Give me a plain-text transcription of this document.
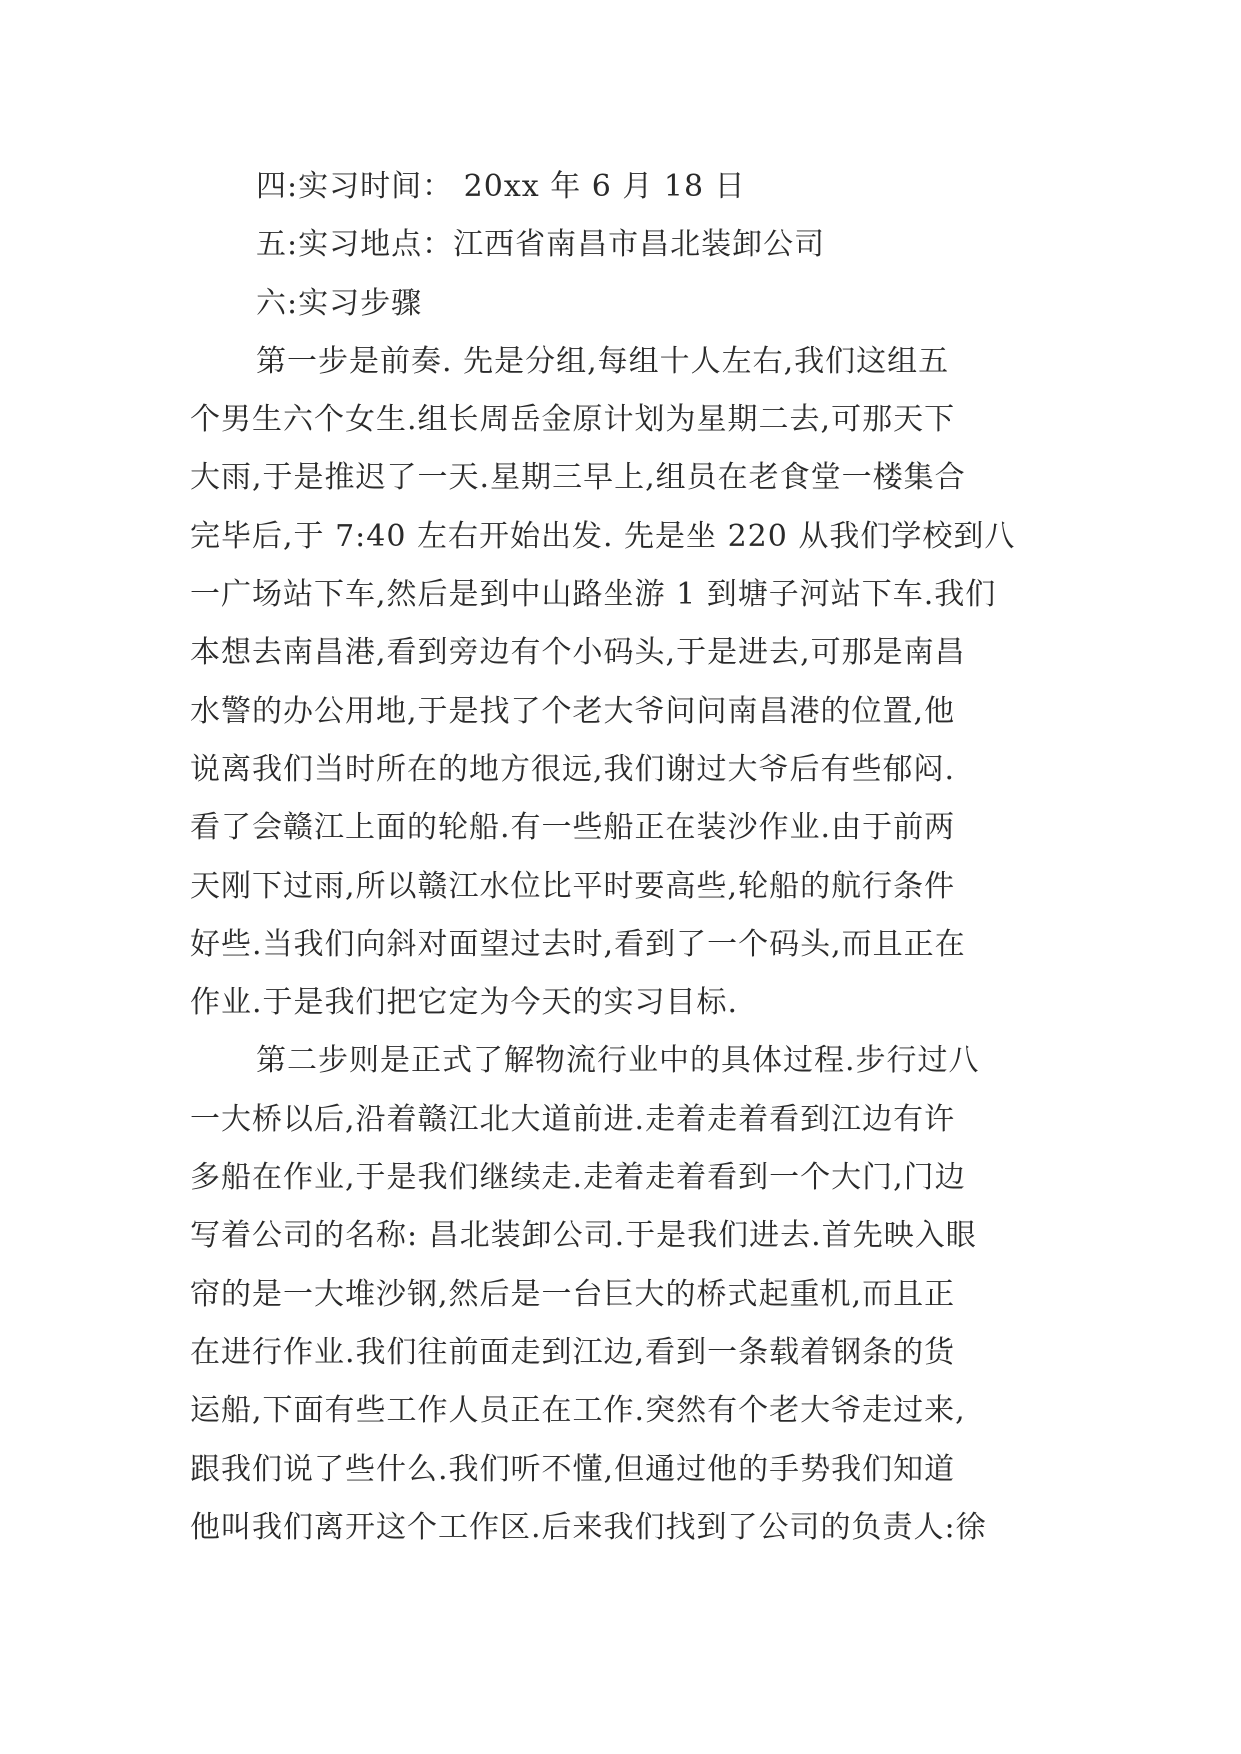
四:实习时间： 20xx 年 6 月 18 日
五:实习地点：江西省南昌市昌北装卸公司
六:实习步骤
第一步是前奏. 先是分组,每组十人左右,我们这组五
个男生六个女生.组长周岳金原计划为星期二去,可那天下
大雨,于是推迟了一天.星期三早上,组员在老食堂一楼集合
完毕后,于 7:40 左右开始出发. 先是坐 220 从我们学校到八
一广场站下车,然后是到中山路坐游 1 到塘子河站下车.我们
本想去南昌港,看到旁边有个小码头,于是进去,可那是南昌
水警的办公用地,于是找了个老大爷问问南昌港的位置,他
说离我们当时所在的地方很远,我们谢过大爷后有些郁闷.
看了会赣江上面的轮船.有一些船正在装沙作业.由于前两
天刚下过雨,所以赣江水位比平时要高些,轮船的航行条件
好些.当我们向斜对面望过去时,看到了一个码头,而且正在
作业.于是我们把它定为今天的实习目标.
第二步则是正式了解物流行业中的具体过程.步行过八
一大桥以后,沿着赣江北大道前进.走着走着看到江边有许
多船在作业,于是我们继续走.走着走着看到一个大门,门边
写着公司的名称: 昌北装卸公司.于是我们进去.首先映入眼
帘的是一大堆沙钢,然后是一台巨大的桥式起重机,而且正
在进行作业.我们往前面走到江边,看到一条载着钢条的货
运船,下面有些工作人员正在工作.突然有个老大爷走过来,
跟我们说了些什么.我们听不懂,但通过他的手势我们知道
他叫我们离开这个工作区.后来我们找到了公司的负责人:徐
